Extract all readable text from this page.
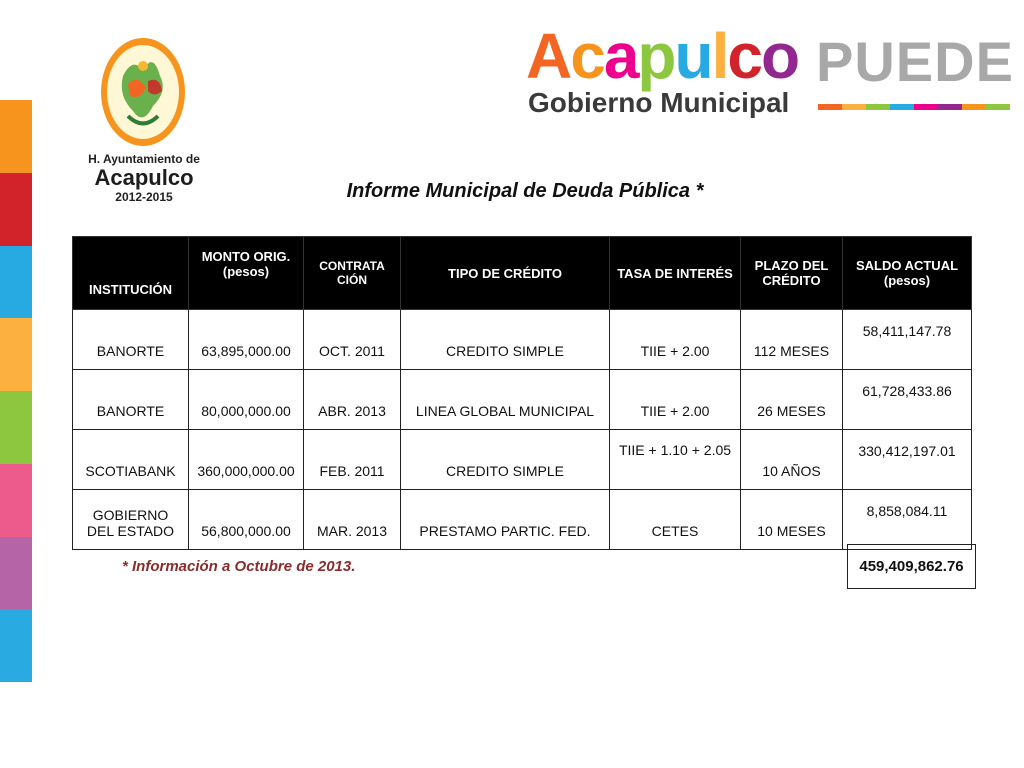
H. Ayuntamiento de
Acapulco
2012-2015
Acapulco PUEDE
Gobierno Municipal
Informe Municipal de Deuda Pública *
INSTITUCIÓN	MONTO ORIG. (pesos)	CONTRATA CIÓN	TIPO DE CRÉDITO	TASA DE INTERÉS	PLAZO DEL CRÉDITO	SALDO ACTUAL (pesos)
BANORTE	63,895,000.00	OCT. 2011	CREDITO SIMPLE	TIIE + 2.00	112 MESES	58,411,147.78
BANORTE	80,000,000.00	ABR. 2013	LINEA GLOBAL MUNICIPAL	TIIE + 2.00	26 MESES	61,728,433.86
SCOTIABANK	360,000,000.00	FEB. 2011	CREDITO SIMPLE	TIIE + 1.10 + 2.05	10 AÑOS	330,412,197.01
GOBIERNO DEL ESTADO	56,800,000.00	MAR. 2013	PRESTAMO PARTIC. FED.	CETES	10 MESES	8,858,084.11
* Información a Octubre de 2013.	459,409,862.76
